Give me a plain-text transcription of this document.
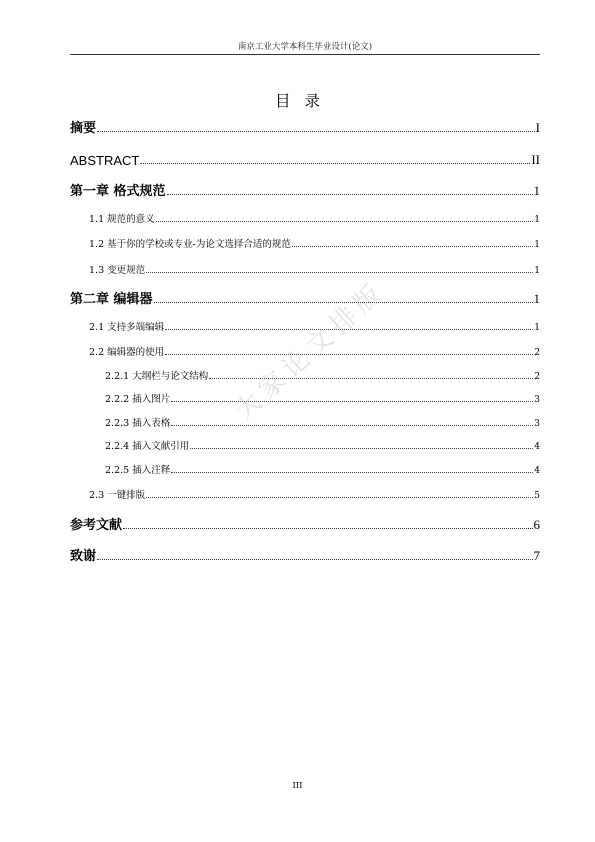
南京工业大学本科生毕业设计(论文)
目录
摘要	I
ABSTRACT	II
第一章 格式规范	1
1.1 规范的意义	1
1.2 基于你的学校或专业-为论文选择合适的规范	1
1.3 变更规范	1
第二章 编辑器	1
2.1 支持多端编辑	1
2.2 编辑器的使用	2
2.2.1 大纲栏与论文结构	2
2.2.2 插入图片	3
2.2.3 插入表格	3
2.2.4 插入文献引用	4
2.2.5 插入注释	4
2.3 一键排版	5
参考文献	6
致谢	7
大家论文排版
III
